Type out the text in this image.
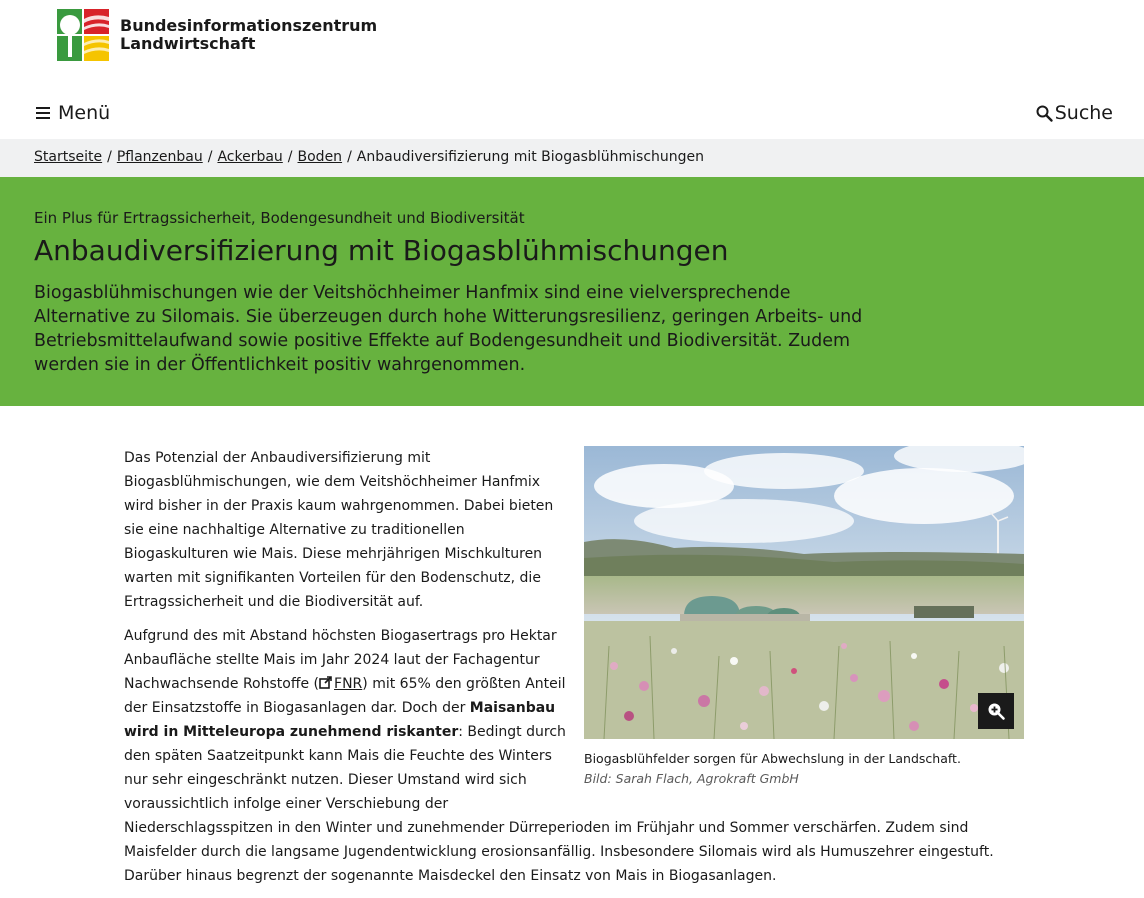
Bundesinformationszentrum
Landwirtschaft
Menü	Suche
Startseite / Pflanzenbau / Ackerbau / Boden / Anbaudiversifizierung mit Biogasblühmischungen
Ein Plus für Ertragssicherheit, Bodengesundheit und Biodiversität
Anbaudiversifizierung mit Biogasblühmischungen
Biogasblühmischungen wie der Veitshöchheimer Hanfmix sind eine vielversprechende Alternative zu Silomais. Sie überzeugen durch hohe Witterungsresilienz, geringen Arbeits- und Betriebsmittelaufwand sowie positive Effekte auf Bodengesundheit und Biodiversität. Zudem werden sie in der Öffentlichkeit positiv wahrgenommen.
Biogasblühfelder sorgen für Abwechslung in der Landschaft.
Bild: Sarah Flach, Agrokraft GmbH

Das Potenzial der Anbaudiversifizierung mit Biogasblühmischungen, wie dem Veitshöchheimer Hanfmix wird bisher in der Praxis kaum wahrgenommen. Dabei bieten sie eine nachhaltige Alternative zu traditionellen Biogaskulturen wie Mais. Diese mehrjährigen Mischkulturen warten mit signifikanten Vorteilen für den Bodenschutz, die Ertragssicherheit und die Biodiversität auf.

Aufgrund des mit Abstand höchsten Biogasertrags pro Hektar Anbaufläche stellte Mais im Jahr 2024 laut der Fachagentur Nachwachsende Rohstoffe ( FNR) mit 65% den größten Anteil der Einsatzstoffe in Biogasanlagen dar. Doch der Maisanbau wird in Mitteleuropa zunehmend riskanter: Bedingt durch den späten Saatzeitpunkt kann Mais die Feuchte des Winters nur sehr eingeschränkt nutzen. Dieser Umstand wird sich voraussichtlich infolge einer Verschiebung der Niederschlagsspitzen in den Winter und zunehmender Dürreperioden im Frühjahr und Sommer verschärfen. Zudem sind Maisfelder durch die langsame Jugendentwicklung erosionsanfällig. Insbesondere Silomais wird als Humuszehrer eingestuft. Darüber hinaus begrenzt der sogenannte Maisdeckel den Einsatz von Mais in Biogasanlagen.
